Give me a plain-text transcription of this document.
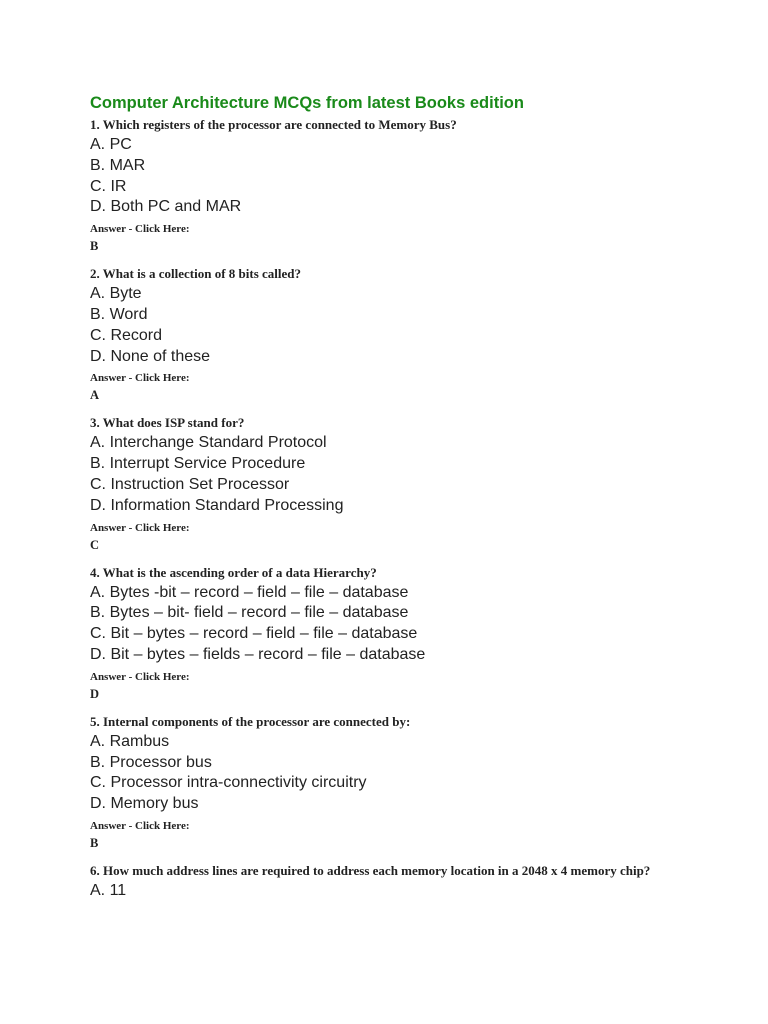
Computer Architecture MCQs from latest Books edition
1. Which registers of the processor are connected to Memory Bus?
A. PC
B. MAR
C. IR
D. Both PC and MAR
Answer - Click Here:
B
2. What is a collection of 8 bits called?
A. Byte
B. Word
C. Record
D. None of these
Answer - Click Here:
A
3. What does ISP stand for?
A. Interchange Standard Protocol
B. Interrupt Service Procedure
C. Instruction Set Processor
D. Information Standard Processing
Answer - Click Here:
C
4. What is the ascending order of a data Hierarchy?
A. Bytes -bit – record – field – file – database
B. Bytes – bit- field – record – file – database
C. Bit – bytes – record – field – file – database
D. Bit – bytes – fields – record – file – database
Answer - Click Here:
D
5. Internal components of the processor are connected by:
A. Rambus
B. Processor bus
C. Processor intra-connectivity circuitry
D. Memory bus
Answer - Click Here:
B
6. How much address lines are required to address each memory location in a 2048 x 4 memory chip?
A. 11
